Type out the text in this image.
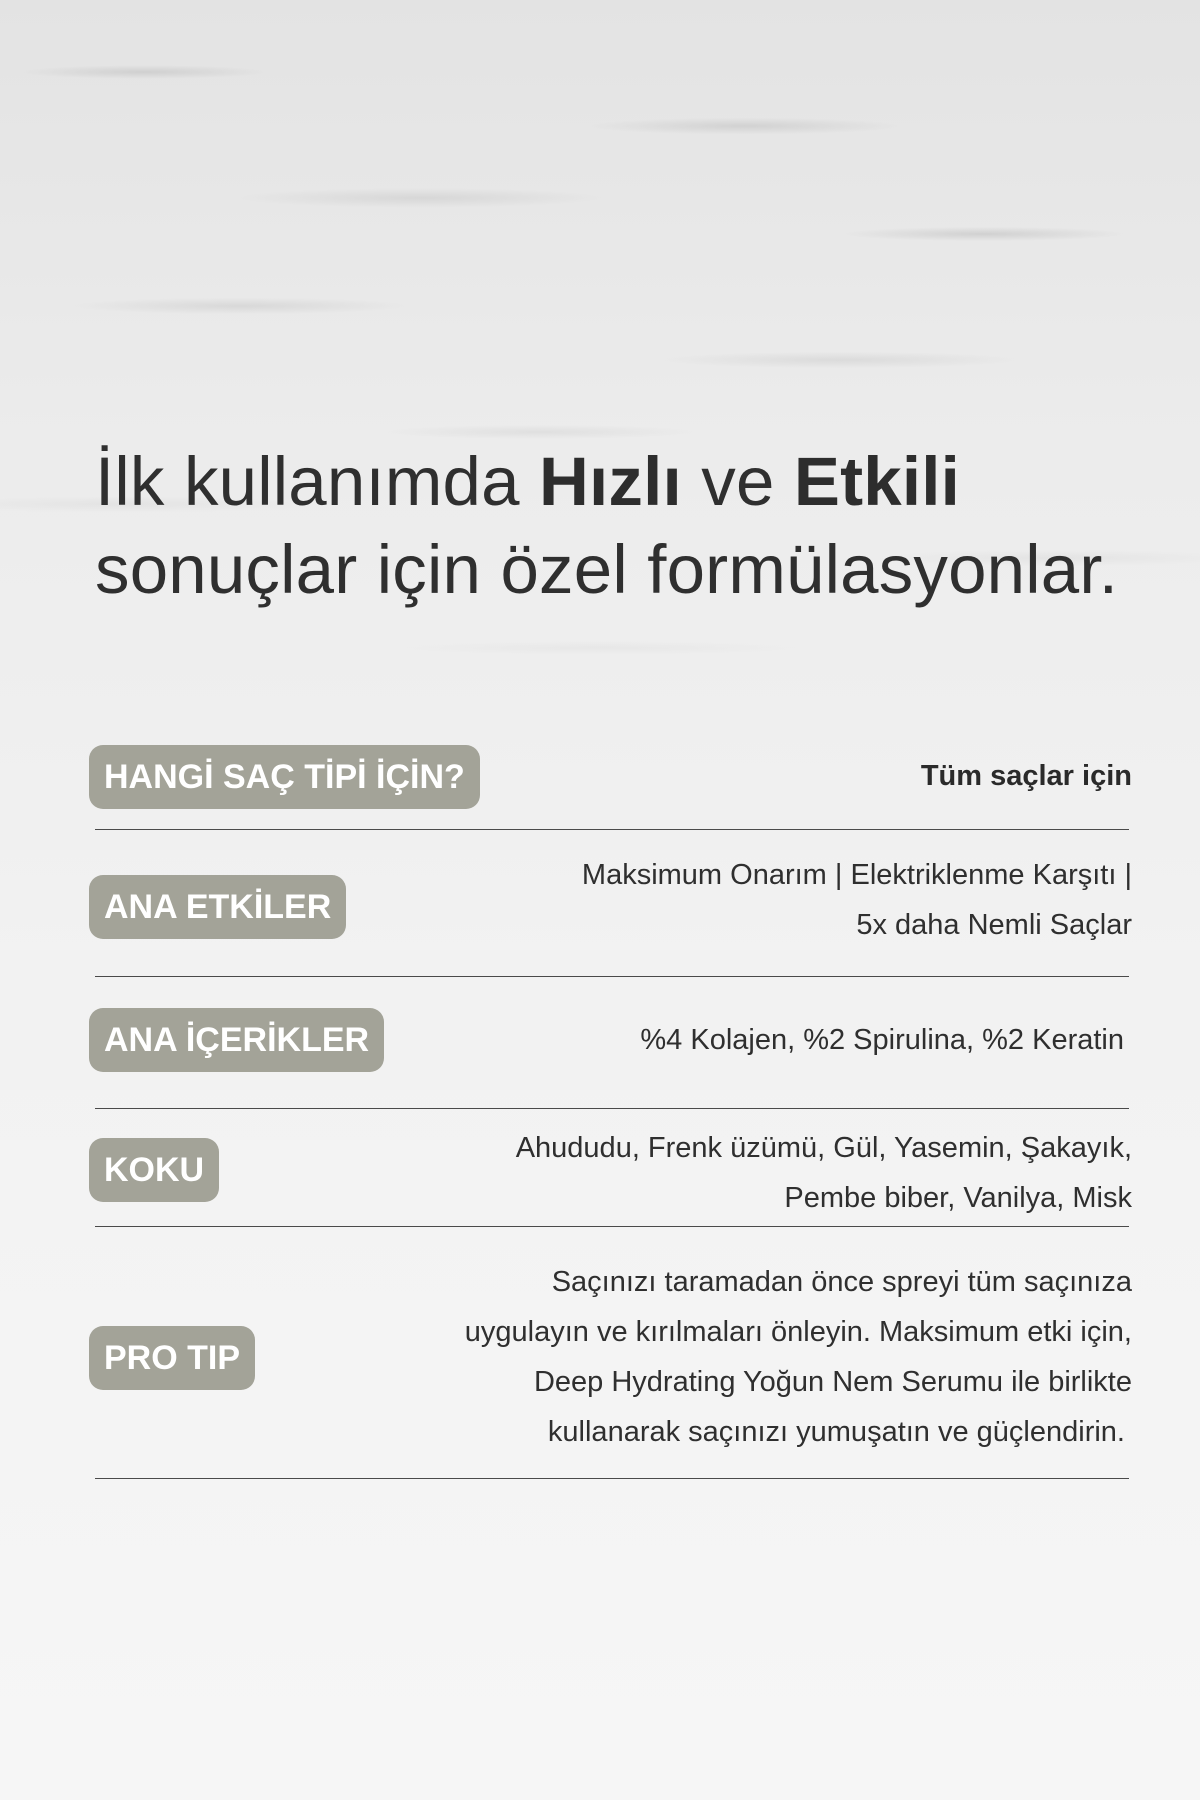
İlk kullanımda Hızlı ve Etkili
sonuçlar için özel formülasyonlar.
HANGİ SAÇ TİPİ İÇİN?	Tüm saçlar için
ANA ETKİLER
Maksimum Onarım | Elektriklenme Karşıtı |
5x daha Nemli Saçlar
ANA İÇERİKLER	%4 Kolajen, %2 Spirulina, %2 Keratin
KOKU
Ahududu, Frenk üzümü, Gül, Yasemin, Şakayık,
Pembe biber, Vanilya, Misk
PRO TIP
Saçınızı taramadan önce spreyi tüm saçınıza
uygulayın ve kırılmaları önleyin. Maksimum etki için,
Deep Hydrating Yoğun Nem Serumu ile birlikte
kullanarak saçınızı yumuşatın ve güçlendirin.
